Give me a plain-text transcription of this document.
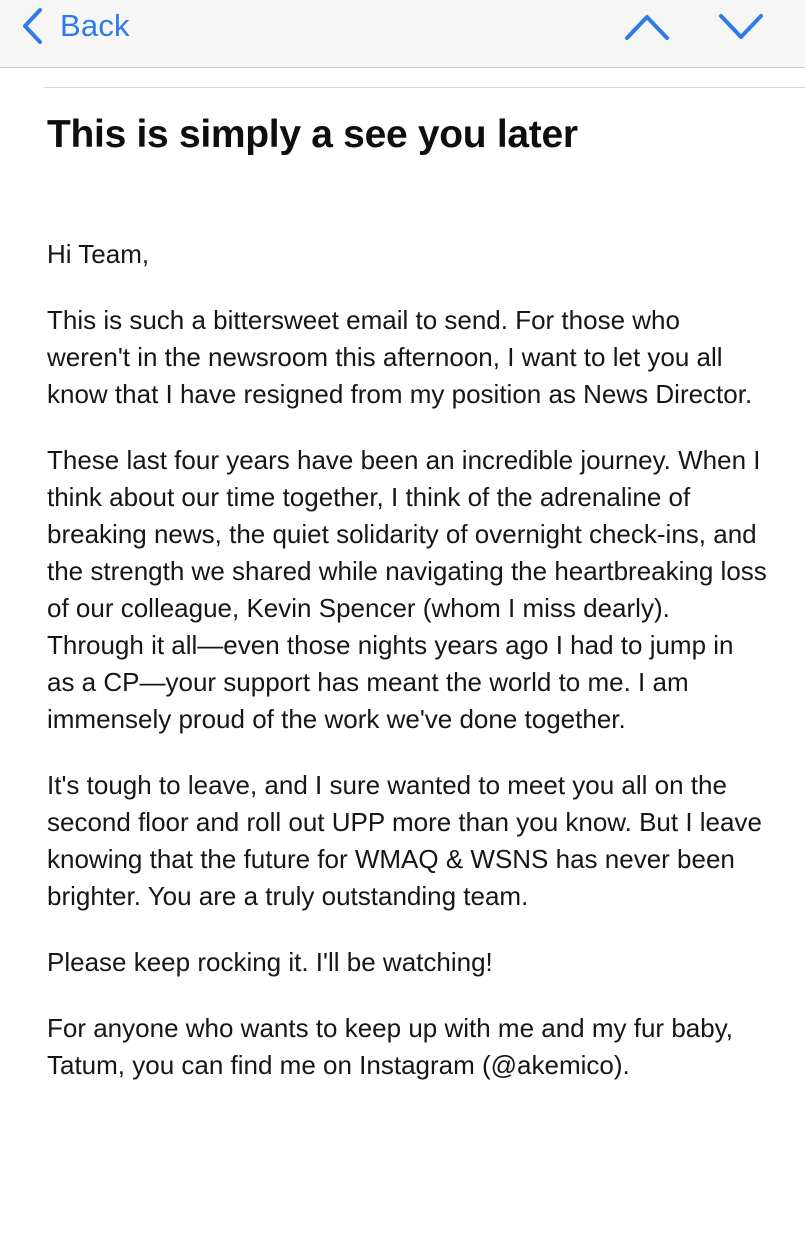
Back
This is simply a see you later

Hi Team,

This is such a bittersweet email to send. For those who weren't in the newsroom this afternoon, I want to let you all know that I have resigned from my position as News Director.

These last four years have been an incredible journey. When I think about our time together, I think of the adrenaline of breaking news, the quiet solidarity of overnight check-ins, and the strength we shared while navigating the heartbreaking loss of our colleague, Kevin Spencer (whom I miss dearly). Through it all—even those nights years ago I had to jump in as a CP—your support has meant the world to me. I am immensely proud of the work we've done together.

It's tough to leave, and I sure wanted to meet you all on the second floor and roll out UPP more than you know. But I leave knowing that the future for WMAQ & WSNS has never been brighter. You are a truly outstanding team.

Please keep rocking it. I'll be watching!

For anyone who wants to keep up with me and my fur baby, Tatum, you can find me on Instagram (@akemico).
